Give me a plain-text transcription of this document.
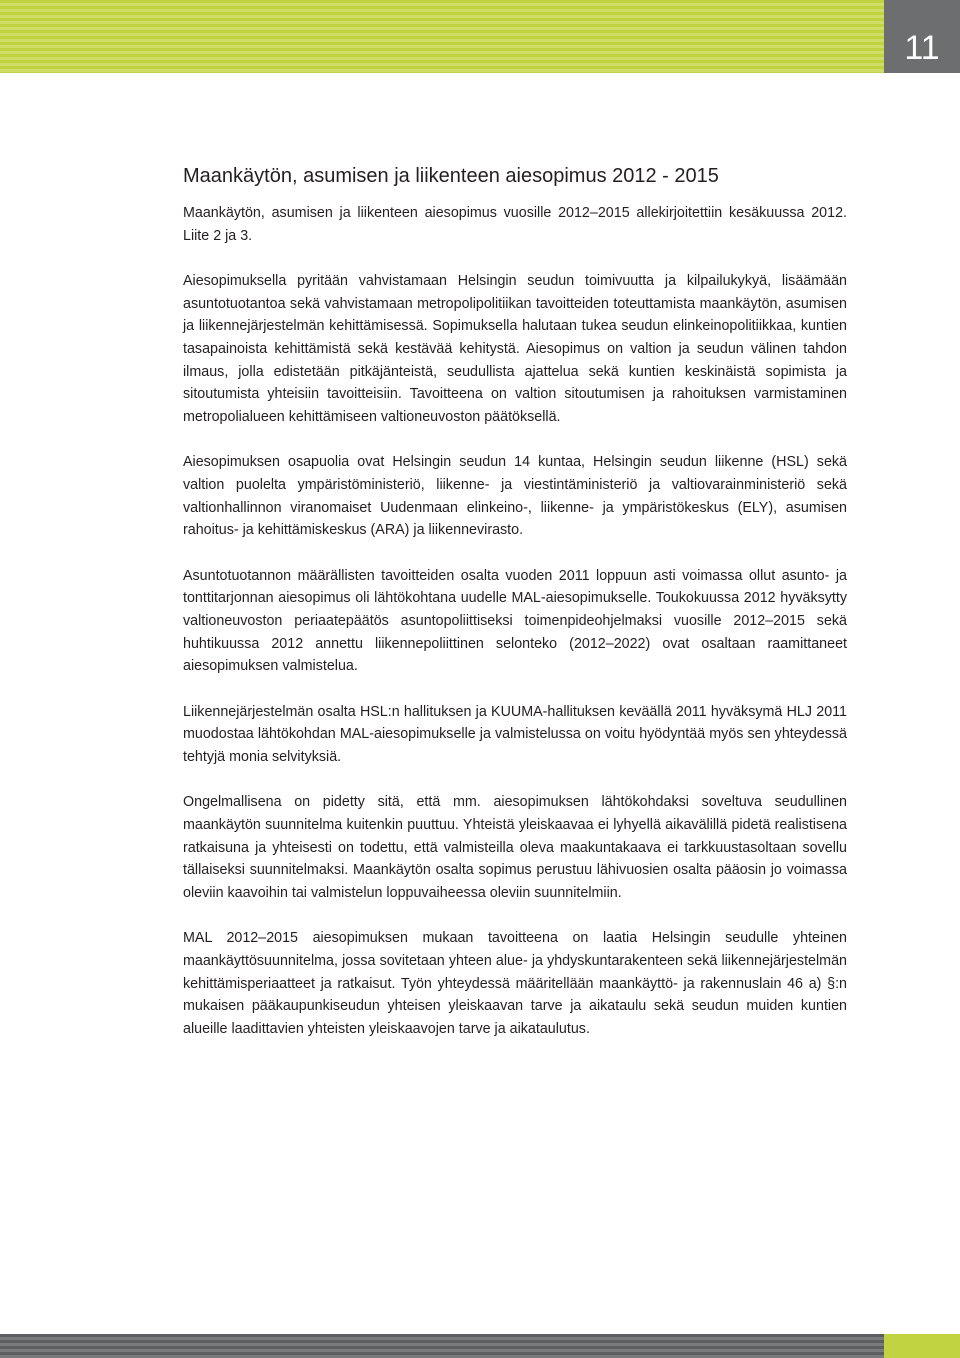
11
Maankäytön, asumisen ja liikenteen aiesopimus 2012 - 2015

Maankäytön, asumisen ja liikenteen aiesopimus vuosille 2012–2015 allekirjoitettiin kesäkuussa 2012. Liite 2 ja 3.

Aiesopimuksella pyritään vahvistamaan Helsingin seudun toimivuutta ja kilpailukykyä, lisäämään asuntotuotantoa sekä vahvistamaan metropolipolitiikan tavoitteiden toteuttamista maankäytön, asumisen ja liikennejärjestelmän kehittämisessä. Sopimuksella halutaan tukea seudun elinkeinopolitiikkaa, kuntien tasapainoista kehittämistä sekä kestävää kehitystä. Aiesopimus on valtion ja seudun välinen tahdon ilmaus, jolla edistetään pitkäjänteistä, seudullista ajattelua sekä kuntien keskinäistä sopimista ja sitoutumista yhteisiin tavoitteisiin. Tavoitteena on valtion sitoutumisen ja rahoituksen varmistaminen metropolialueen kehittämiseen valtioneuvoston päätöksellä.

Aiesopimuksen osapuolia ovat Helsingin seudun 14 kuntaa, Helsingin seudun liikenne (HSL) sekä valtion puolelta ympäristöministeriö, liikenne- ja viestintäministeriö ja valtiovarainministeriö sekä valtionhallinnon viranomaiset Uudenmaan elinkeino-, liikenne- ja ympäristökeskus (ELY), asumisen rahoitus- ja kehittämiskeskus (ARA) ja liikennevirasto.

Asuntotuotannon määrällisten tavoitteiden osalta vuoden 2011 loppuun asti voimassa ollut asunto- ja tonttitarjonnan aiesopimus oli lähtökohtana uudelle MAL-aiesopimukselle. Toukokuussa 2012 hyväksytty valtioneuvoston periaatepäätös asuntopoliittiseksi toimenpideohjelmaksi vuosille 2012–2015 sekä huhtikuussa 2012 annettu liikennepoliittinen selonteko (2012–2022) ovat osaltaan raamittaneet aiesopimuksen valmistelua.

Liikennejärjestelmän osalta HSL:n hallituksen ja KUUMA-hallituksen keväällä 2011 hyväksymä HLJ 2011 muodostaa lähtökohdan MAL-aiesopimukselle ja valmistelussa on voitu hyödyntää myös sen yhteydessä tehtyjä monia selvityksiä.

Ongelmallisena on pidetty sitä, että mm. aiesopimuksen lähtökohdaksi soveltuva seudullinen maankäytön suunnitelma kuitenkin puuttuu. Yhteistä yleiskaavaa ei lyhyellä aikavälillä pidetä realistisena ratkaisuna ja yhteisesti on todettu, että valmisteilla oleva maakuntakaava ei tarkkuustasoltaan sovellu tällaiseksi suunnitelmaksi. Maankäytön osalta sopimus perustuu lähivuosien osalta pääosin jo voimassa oleviin kaavoihin tai valmistelun loppuvaiheessa oleviin suunnitelmiin.

MAL 2012–2015 aiesopimuksen mukaan tavoitteena on laatia Helsingin seudulle yhteinen maankäyttösuunnitelma, jossa sovitetaan yhteen alue- ja yhdyskuntarakenteen sekä liikennejärjestelmän kehittämisperiaatteet ja ratkaisut. Työn yhteydessä määritellään maankäyttö- ja rakennuslain 46 a) §:n mukaisen pääkaupunkiseudun yhteisen yleiskaavan tarve ja aikataulu sekä seudun muiden kuntien alueille laadittavien yhteisten yleiskaavojen tarve ja aikataulutus.
